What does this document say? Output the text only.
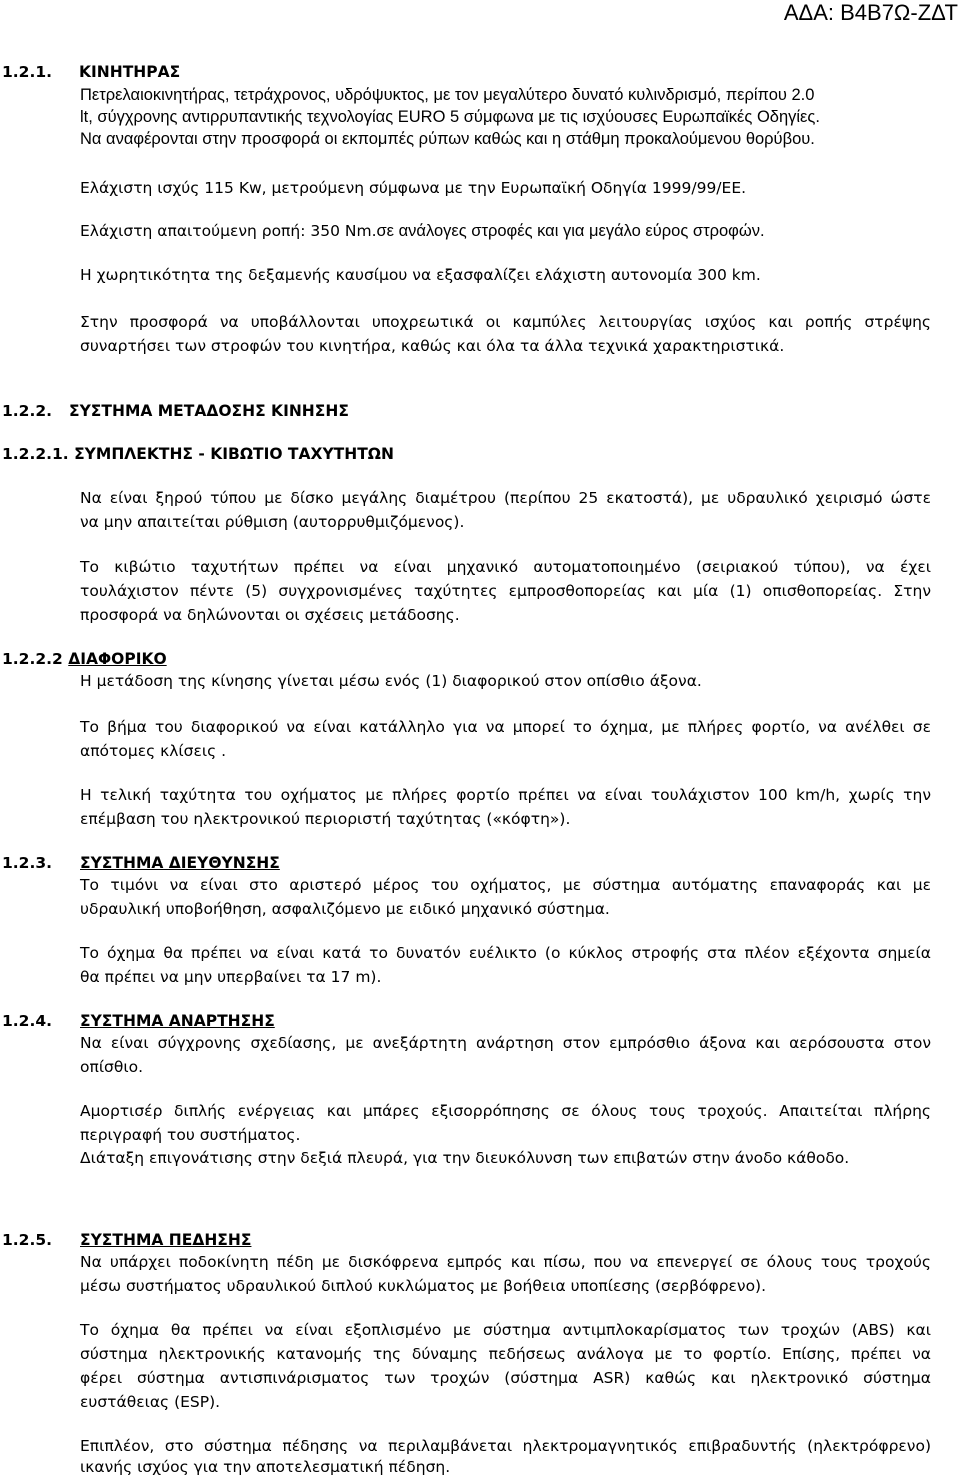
ΑΔΑ: Β4Β7Ω-ΖΔΤ
1.2.1. ΚΙΝΗΤΗΡΑΣ
Πετρελαιοκινητήρας, τετράχρονος, υδρόψυκτος, με τον μεγαλύτερο δυνατό κυλινδρισμό, περίπου 2.0
lt, σύγχρονης αντιρρυπαντικής τεχνολογίας EURO 5 σύμφωνα με τις ισχύουσες Ευρωπαϊκές Οδηγίες.
Να αναφέρονται στην προσφορά οι εκπομπές ρύπων καθώς και η στάθμη προκαλούμενου θορύβου.
Ελάχιστη ισχύς 115 Kw, μετρούμενη σύμφωνα με την Ευρωπαϊκή Οδηγία 1999/99/ΕΕ.
Ελάχιστη απαιτούμενη ροπή: 350 Nm.σε ανάλογες στροφές και για μεγάλο εύρος στροφών.
Η χωρητικότητα της δεξαμενής καυσίμου να εξασφαλίζει ελάχιστη αυτονομία 300 km.
Στην προσφορά να υποβάλλονται υποχρεωτικά οι καμπύλες λειτουργίας ισχύος και ροπής στρέψης
συναρτήσει των στροφών του κινητήρα, καθώς και όλα τα άλλα τεχνικά χαρακτηριστικά.
1.2.2. ΣΥΣΤΗΜΑ ΜΕΤΑΔΟΣΗΣ ΚΙΝΗΣΗΣ
1.2.2.1. ΣΥΜΠΛΕΚΤΗΣ - ΚΙΒΩΤΙΟ ΤΑΧΥΤΗΤΩΝ
Να είναι ξηρού τύπου με δίσκο μεγάλης διαμέτρου (περίπου 25 εκατοστά), με υδραυλικό χειρισμό ώστε
να μην απαιτείται ρύθμιση (αυτορρυθμιζόμενος).
Το κιβώτιο ταχυτήτων πρέπει να είναι μηχανικό αυτοματοποιημένο (σειριακού τύπου), να έχει
τουλάχιστον πέντε (5) συγχρονισμένες ταχύτητες εμπροσθοπορείας και μία (1) οπισθοπορείας. Στην
προσφορά να δηλώνονται οι σχέσεις μετάδοσης.
1.2.2.2 ΔΙΑΦΟΡΙΚΟ
Η μετάδοση της κίνησης γίνεται μέσω ενός (1) διαφορικού στον οπίσθιο άξονα.
Το βήμα του διαφορικού να είναι κατάλληλο για να μπορεί το όχημα, με πλήρες φορτίο, να ανέλθει σε
απότομες κλίσεις .
Η τελική ταχύτητα του οχήματος με πλήρες φορτίο πρέπει να είναι τουλάχιστον 100 km/h, χωρίς την
επέμβαση του ηλεκτρονικού περιοριστή ταχύτητας («κόφτη»).
1.2.3. ΣΥΣΤΗΜΑ ΔΙΕΥΘΥΝΣΗΣ
Το τιμόνι να είναι στο αριστερό μέρος του οχήματος, με σύστημα αυτόματης επαναφοράς και με
υδραυλική υποβοήθηση, ασφαλιζόμενο με ειδικό μηχανικό σύστημα.
Το όχημα θα πρέπει να είναι κατά το δυνατόν ευέλικτο (ο κύκλος στροφής στα πλέον εξέχοντα σημεία
θα πρέπει να μην υπερβαίνει τα 17 m).
1.2.4. ΣΥΣΤΗΜΑ ΑΝΑΡΤΗΣΗΣ
Να είναι σύγχρονης σχεδίασης, με ανεξάρτητη ανάρτηση στον εμπρόσθιο άξονα και αερόσουστα στον
οπίσθιο.
Αμορτισέρ διπλής ενέργειας και μπάρες εξισορρόπησης σε όλους τους τροχούς. Απαιτείται πλήρης
περιγραφή του συστήματος.
Διάταξη επιγονάτισης στην δεξιά πλευρά, για την διευκόλυνση των επιβατών στην άνοδο κάθοδο.
1.2.5. ΣΥΣΤΗΜΑ ΠΕΔΗΣΗΣ
Να υπάρχει ποδοκίνητη πέδη με δισκόφρενα εμπρός και πίσω, που να επενεργεί σε όλους τους τροχούς
μέσω συστήματος υδραυλικού διπλού κυκλώματος με βοήθεια υποπίεσης (σερβόφρενο).
Το όχημα θα πρέπει να είναι εξοπλισμένο με σύστημα αντιμπλοκαρίσματος των τροχών (ABS) και
σύστημα ηλεκτρονικής κατανομής της δύναμης πεδήσεως ανάλογα με το φορτίο. Επίσης, πρέπει να
φέρει σύστημα αντισπινάρισματος των τροχών (σύστημα ASR) καθώς και ηλεκτρονικό σύστημα
ευστάθειας (ESP).
Επιπλέον, στο σύστημα πέδησης να περιλαμβάνεται ηλεκτρομαγνητικός επιβραδυντής (ηλεκτρόφρενο)
ικανής ισχύος για την αποτελεσματική πέδηση.
